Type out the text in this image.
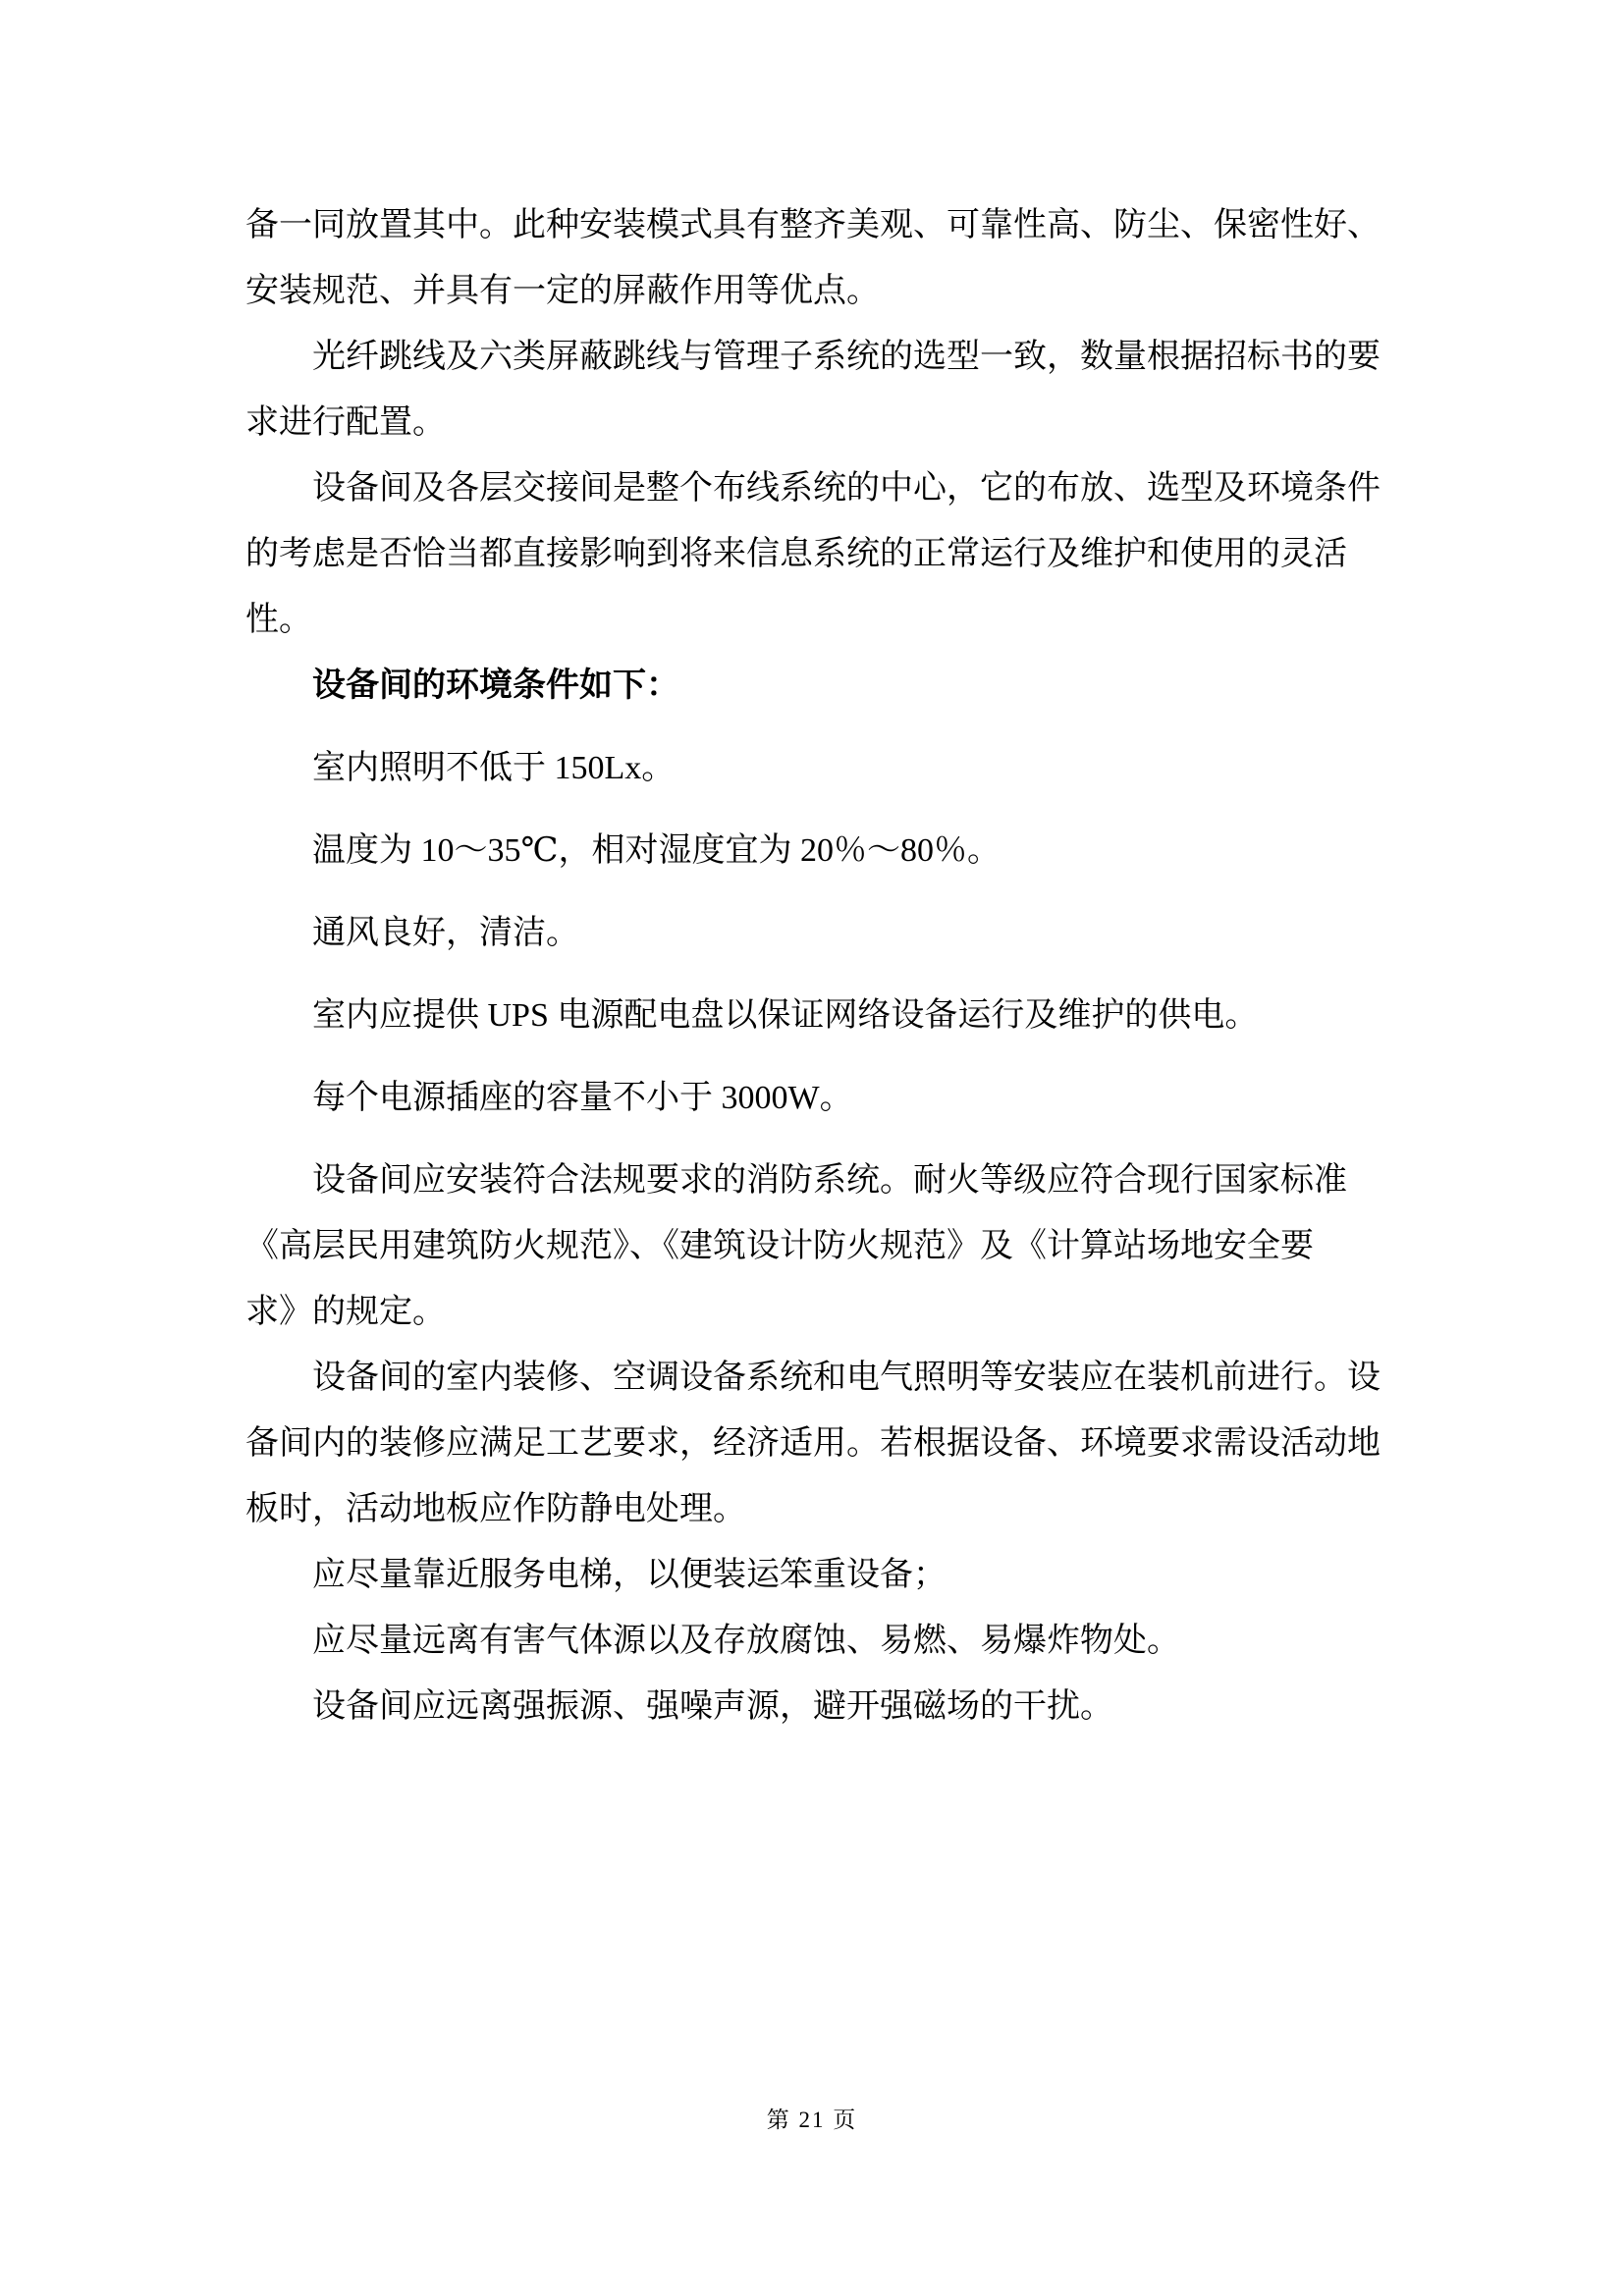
备一同放置其中。此种安装模式具有整齐美观、可靠性高、防尘、保密性好、
安装规范、并具有一定的屏蔽作用等优点。

光纤跳线及六类屏蔽跳线与管理子系统的选型一致，数量根据招标书的要
求进行配置。

设备间及各层交接间是整个布线系统的中心，它的布放、选型及环境条件
的考虑是否恰当都直接影响到将来信息系统的正常运行及维护和使用的灵活
性。

设备间的环境条件如下：

室内照明不低于 150Lx。

温度为 10～35℃，相对湿度宜为 20％～80％。

通风良好，清洁。

室内应提供 UPS 电源配电盘以保证网络设备运行及维护的供电。

每个电源插座的容量不小于 3000W。

设备间应安装符合法规要求的消防系统。耐火等级应符合现行国家标准
《高层民用建筑防火规范》、《建筑设计防火规范》及《计算站场地安全要
求》的规定。

设备间的室内装修、空调设备系统和电气照明等安装应在装机前进行。设
备间内的装修应满足工艺要求，经济适用。若根据设备、环境要求需设活动地
板时，活动地板应作防静电处理。

应尽量靠近服务电梯，以便装运笨重设备；

应尽量远离有害气体源以及存放腐蚀、易燃、易爆炸物处。

设备间应远离强振源、强噪声源，避开强磁场的干扰。

第 21 页
